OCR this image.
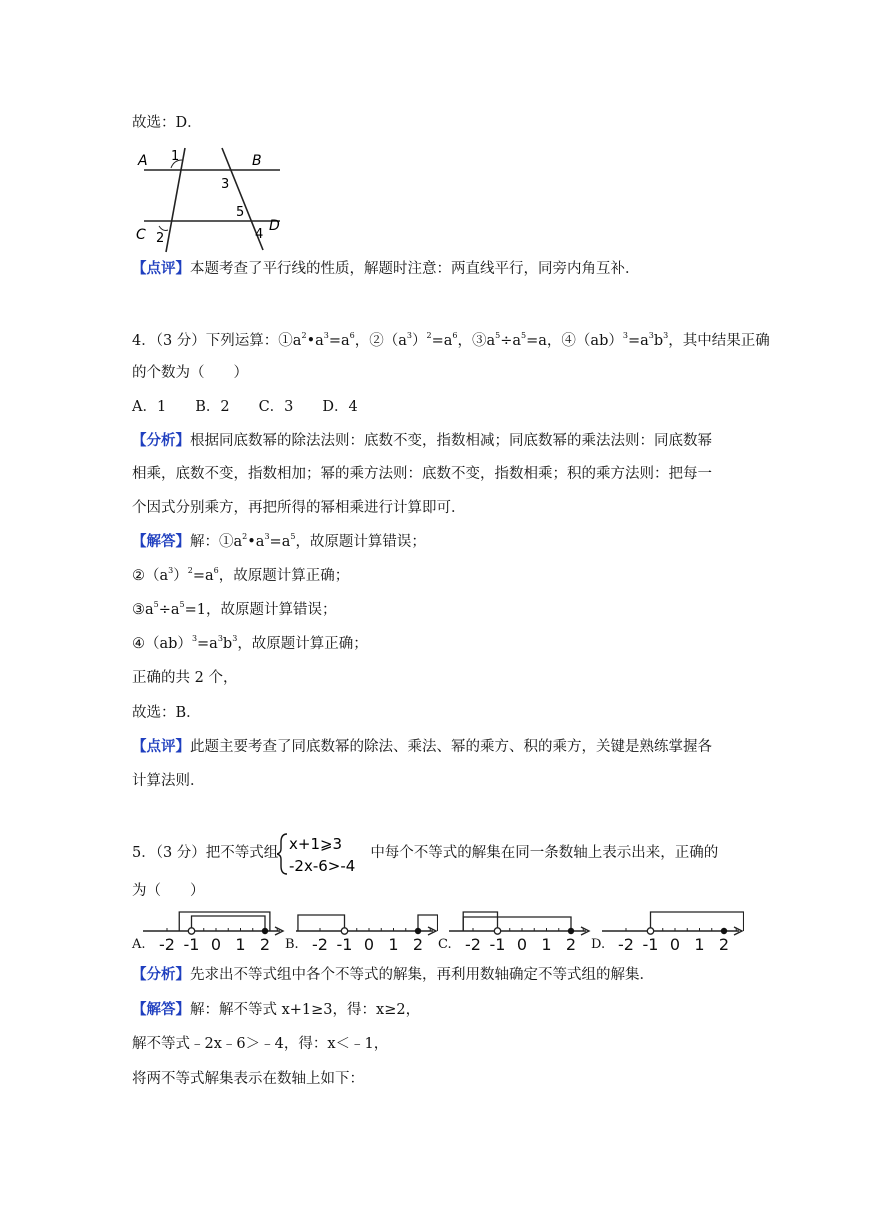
故选：D．
A	B
C
D
1
2
3
4
5
【点评】本题考查了平行线的性质，解题时注意：两直线平行，同旁内角互补．
4．（3 分）下列运算：$①a^2•a^3=a^6$，$②(a^3)^2=a^6$，$③a^5\div a^5=a$，$④(ab)^3=a^3b^3$，其中结果正确
的个数为（　　）
A．1　　B．2　　C．3　　D．4
【分析】根据同底数幂的除法法则：底数不变，指数相减；同底数幂的乘法法则：同底数幂
相乘，底数不变，指数相加；幂的乘方法则：底数不变，指数相乘；积的乘方法则：把每一
个因式分别乘方，再把所得的幂相乘进行计算即可．
【解答】解：$①a^2•a^3=a^5$，故原题计算错误；
$②(a^3)^2=a^6$，故原题计算正确；
$③a^5\div a^5=1$，故原题计算错误；
$④(ab)^3=a^3b^3$，故原题计算正确；
正确的共 2 个，
故选：B．
【点评】此题主要考查了同底数幂的除法、乘法、幂的乘方、积的乘方，关键是熟练掌握各
计算法则．
5．（3 分）把不等式组	中每个不等式的解集在同一条数轴上表示出来，正确的
x+1⩾3
-2x-6>-4
为（　　）
A.	B.	C.	D.
-2 -1 0 1 2	-2 -1 0 1 2	-2 -1 0 1 2	-2 -1 0 1 2
【分析】先求出不等式组中各个不等式的解集，再利用数轴确定不等式组的解集．
【解答】解：解不等式 x+1≥3，得：x≥2，
解不等式﹣2x﹣6＞﹣4，得：x＜﹣1，
将两不等式解集表示在数轴上如下：
